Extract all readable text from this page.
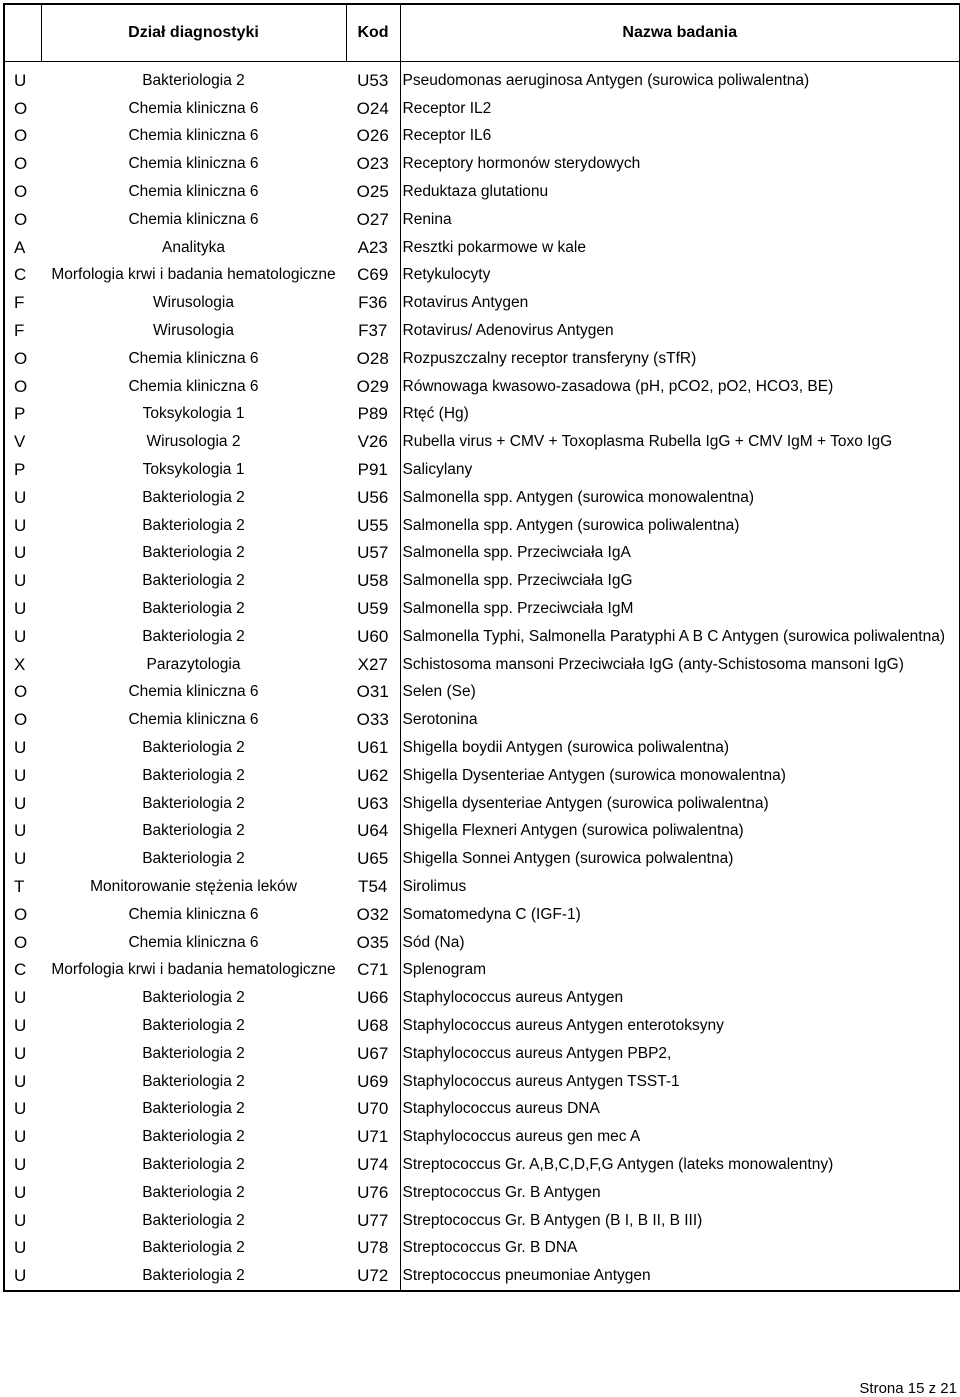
	Dział diagnostyki	Kod	Nazwa badania

U	Bakteriologia 2	U53	Pseudomonas aeruginosa Antygen (surowica poliwalentna)
O	Chemia kliniczna 6	O24	Receptor IL2
O	Chemia kliniczna 6	O26	Receptor IL6
O	Chemia kliniczna 6	O23	Receptory hormonów sterydowych
O	Chemia kliniczna 6	O25	Reduktaza glutationu
O	Chemia kliniczna 6	O27	Renina
A	Analityka	A23	Resztki pokarmowe w kale
C	Morfologia krwi i badania hematologiczne	C69	Retykulocyty
F	Wirusologia	F36	Rotavirus Antygen
F	Wirusologia	F37	Rotavirus/ Adenovirus Antygen
O	Chemia kliniczna 6	O28	Rozpuszczalny receptor transferyny (sTfR)
O	Chemia kliniczna 6	O29	Równowaga kwasowo-zasadowa (pH, pCO2, pO2, HCO3, BE)
P	Toksykologia 1	P89	Rtęć (Hg)
V	Wirusologia 2	V26	Rubella virus + CMV + Toxoplasma Rubella IgG + CMV IgM + Toxo IgG
P	Toksykologia 1	P91	Salicylany
U	Bakteriologia 2	U56	Salmonella spp. Antygen (surowica monowalentna)
U	Bakteriologia 2	U55	Salmonella spp. Antygen (surowica poliwalentna)
U	Bakteriologia 2	U57	Salmonella spp. Przeciwciała IgA
U	Bakteriologia 2	U58	Salmonella spp. Przeciwciała IgG
U	Bakteriologia 2	U59	Salmonella spp. Przeciwciała IgM
U	Bakteriologia 2	U60	Salmonella Typhi, Salmonella Paratyphi A B C Antygen (surowica poliwalentna)
X	Parazytologia	X27	Schistosoma mansoni Przeciwciała IgG (anty-Schistosoma mansoni IgG)
O	Chemia kliniczna 6	O31	Selen (Se)
O	Chemia kliniczna 6	O33	Serotonina
U	Bakteriologia 2	U61	Shigella boydii Antygen (surowica poliwalentna)
U	Bakteriologia 2	U62	Shigella Dysenteriae Antygen (surowica monowalentna)
U	Bakteriologia 2	U63	Shigella dysenteriae Antygen (surowica poliwalentna)
U	Bakteriologia 2	U64	Shigella Flexneri Antygen (surowica poliwalentna)
U	Bakteriologia 2	U65	Shigella Sonnei Antygen (surowica polwalentna)
T	Monitorowanie stężenia leków	T54	Sirolimus
O	Chemia kliniczna 6	O32	Somatomedyna C (IGF-1)
O	Chemia kliniczna 6	O35	Sód (Na)
C	Morfologia krwi i badania hematologiczne	C71	Splenogram
U	Bakteriologia 2	U66	Staphylococcus aureus Antygen
U	Bakteriologia 2	U68	Staphylococcus aureus Antygen enterotoksyny
U	Bakteriologia 2	U67	Staphylococcus aureus Antygen PBP2,
U	Bakteriologia 2	U69	Staphylococcus aureus Antygen TSST-1
U	Bakteriologia 2	U70	Staphylococcus aureus DNA
U	Bakteriologia 2	U71	Staphylococcus aureus gen mec A
U	Bakteriologia 2	U74	Streptococcus Gr. A,B,C,D,F,G Antygen (lateks monowalentny)
U	Bakteriologia 2	U76	Streptococcus Gr. B Antygen
U	Bakteriologia 2	U77	Streptococcus Gr. B Antygen (B I, B II, B III)
U	Bakteriologia 2	U78	Streptococcus Gr. B DNA
U	Bakteriologia 2	U72	Streptococcus pneumoniae Antygen
Strona 15 z 21
